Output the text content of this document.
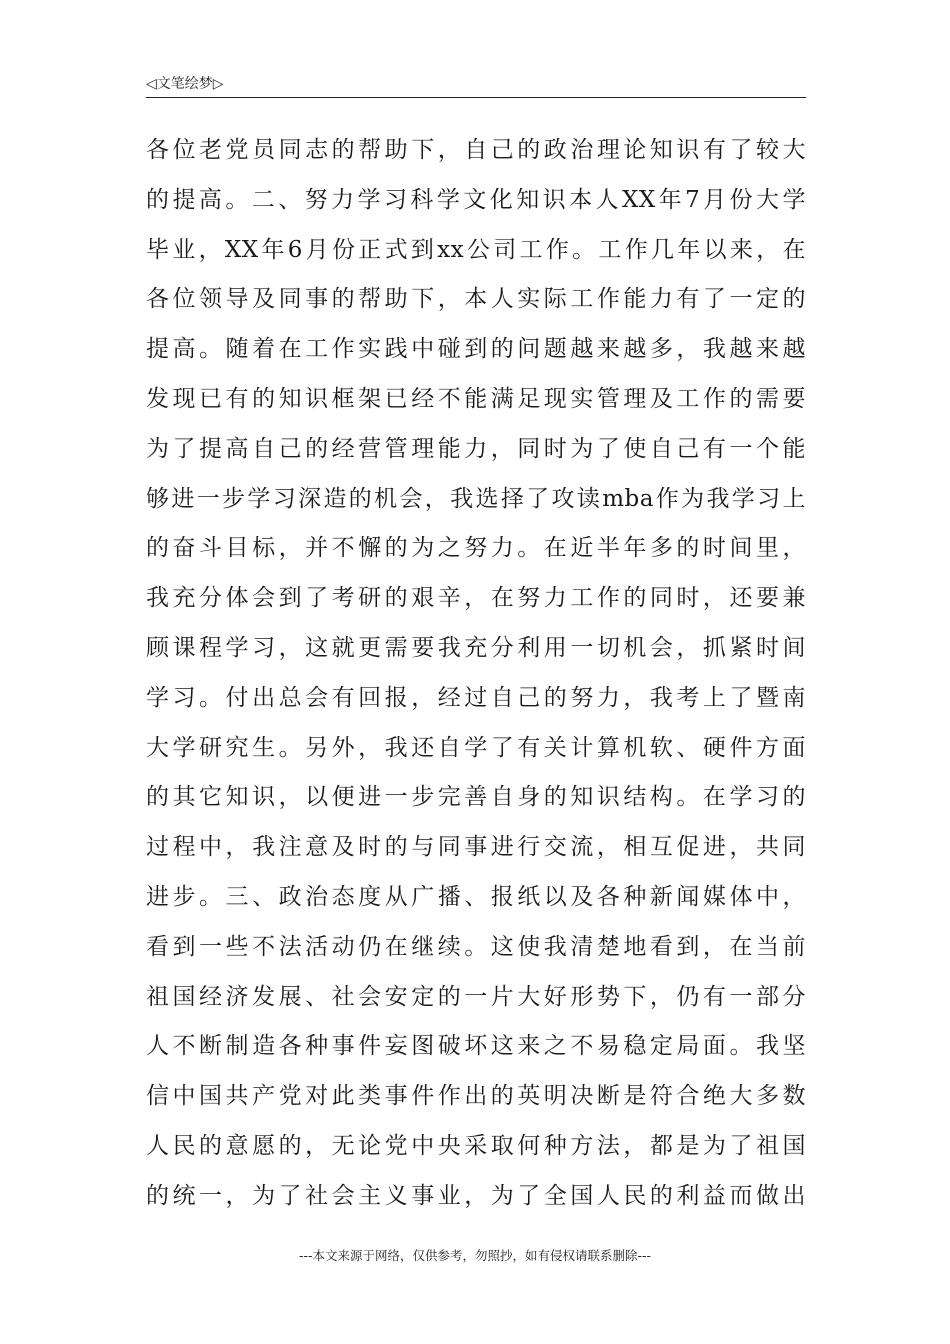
◁文笔绘梦▷
各位老党员同志的帮助下，自己的政治理论知识有了较大
的提高。二、努力学习科学文化知识本人XX年7月份大学
毕业，XX年6月份正式到xx公司工作。工作几年以来，在
各位领导及同事的帮助下，本人实际工作能力有了一定的
提高。随着在工作实践中碰到的问题越来越多，我越来越
发现已有的知识框架已经不能满足现实管理及工作的需要
为了提高自己的经营管理能力，同时为了使自己有一个能
够进一步学习深造的机会，我选择了攻读mba作为我学习上
的奋斗目标，并不懈的为之努力。在近半年多的时间里，
我充分体会到了考研的艰辛，在努力工作的同时，还要兼
顾课程学习，这就更需要我充分利用一切机会，抓紧时间
学习。付出总会有回报，经过自己的努力，我考上了暨南
大学研究生。另外，我还自学了有关计算机软、硬件方面
的其它知识，以便进一步完善自身的知识结构。在学习的
过程中，我注意及时的与同事进行交流，相互促进，共同
进步。三、政治态度从广播、报纸以及各种新闻媒体中，
看到一些不法活动仍在继续。这使我清楚地看到，在当前
祖国经济发展、社会安定的一片大好形势下，仍有一部分
人不断制造各种事件妄图破坏这来之不易稳定局面。我坚
信中国共产党对此类事件作出的英明决断是符合绝大多数
人民的意愿的，无论党中央采取何种方法，都是为了祖国
的统一，为了社会主义事业，为了全国人民的利益而做出
---本文来源于网络，仅供参考，勿照抄，如有侵权请联系删除---
